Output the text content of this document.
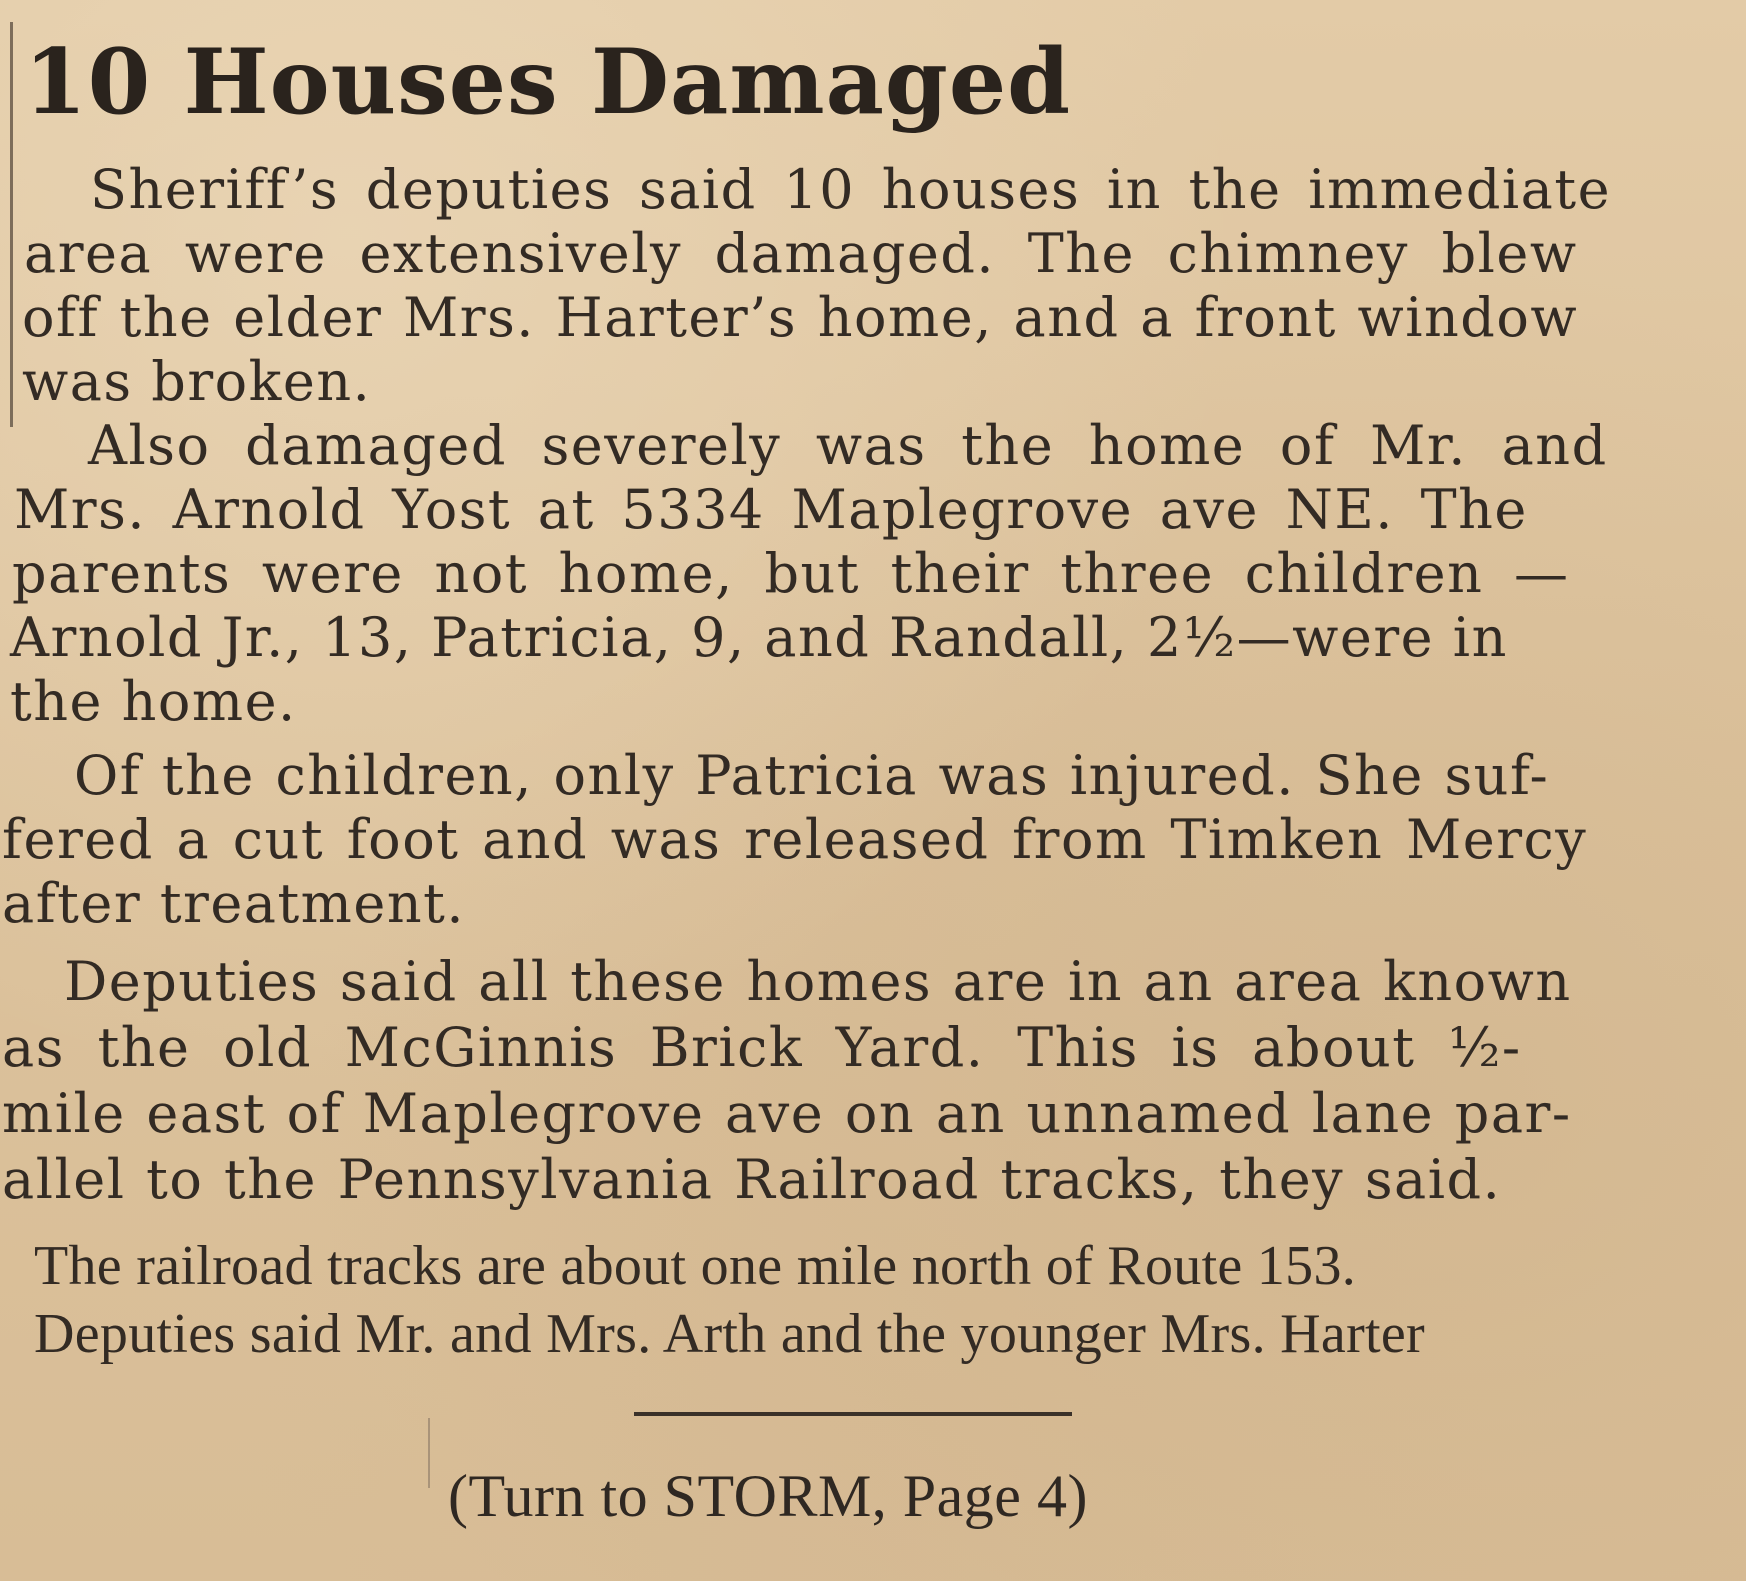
10 Houses Damaged

Sheriff’s deputies said 10 houses in the immediate

area were extensively damaged. The chimney blew

off the elder Mrs. Harter’s home, and a front window

was broken.

Also damaged severely was the home of Mr. and

Mrs. Arnold Yost at 5334 Maplegrove ave NE. The

parents were not home, but their three children —

Arnold Jr., 13, Patricia, 9, and Randall, 2½—were in

the home.

Of the children, only Patricia was injured. She suf-

fered a cut foot and was released from Timken Mercy

after treatment.

Deputies said all these homes are in an area known

as the old McGinnis Brick Yard. This is about ½-

mile east of Maplegrove ave on an unnamed lane par-

allel to the Pennsylvania Railroad tracks, they said.

The railroad tracks are about one mile north of Route 153.

Deputies said Mr. and Mrs. Arth and the younger Mrs. Harter

(Turn to STORM, Page 4)
